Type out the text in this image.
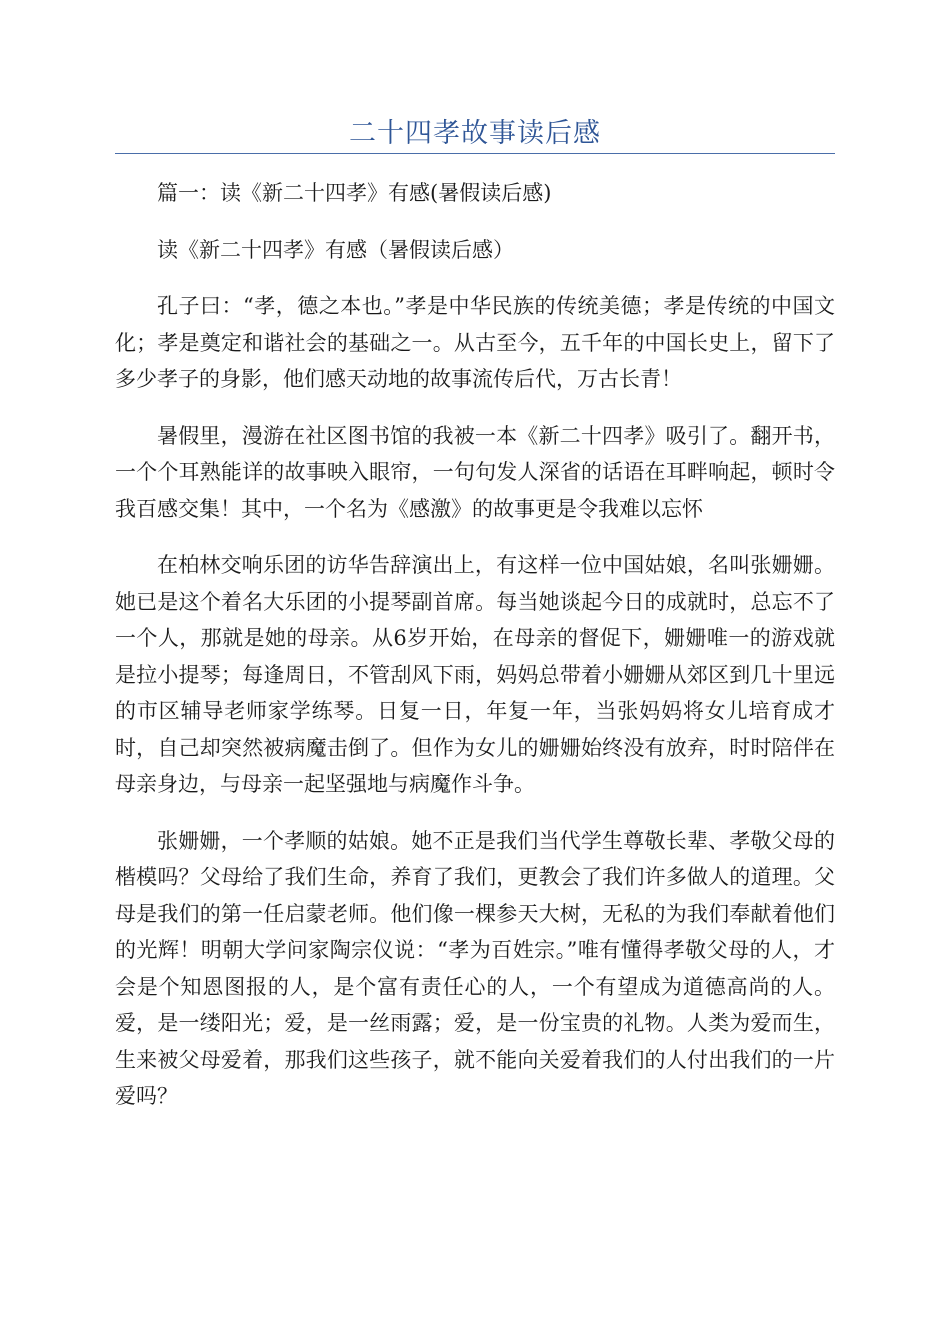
二十四孝故事读后感

篇一：读《新二十四孝》有感(暑假读后感)

读《新二十四孝》有感（暑假读后感）

孔子曰：“孝，德之本也。”孝是中华民族的传统美德；孝是传统的中国文化；孝是奠定和谐社会的基础之一。从古至今，五千年的中国长史上，留下了多少孝子的身影，他们感天动地的故事流传后代，万古长青！

暑假里，漫游在社区图书馆的我被一本《新二十四孝》吸引了。翻开书，一个个耳熟能详的故事映入眼帘，一句句发人深省的话语在耳畔响起，顿时令我百感交集！其中，一个名为《感激》的故事更是令我难以忘怀

在柏林交响乐团的访华告辞演出上，有这样一位中国姑娘，名叫张姗姗。她已是这个着名大乐团的小提琴副首席。每当她谈起今日的成就时，总忘不了一个人，那就是她的母亲。从6岁开始，在母亲的督促下，姗姗唯一的游戏就是拉小提琴；每逢周日，不管刮风下雨，妈妈总带着小姗姗从郊区到几十里远的市区辅导老师家学练琴。日复一日，年复一年，当张妈妈将女儿培育成才时，自己却突然被病魔击倒了。但作为女儿的姗姗始终没有放弃，时时陪伴在母亲身边，与母亲一起坚强地与病魔作斗争。

张姗姗，一个孝顺的姑娘。她不正是我们当代学生尊敬长辈、孝敬父母的楷模吗？父母给了我们生命，养育了我们，更教会了我们许多做人的道理。父母是我们的第一任启蒙老师。他们像一棵参天大树，无私的为我们奉献着他们的光辉！明朝大学问家陶宗仪说：“孝为百姓宗。”唯有懂得孝敬父母的人，才会是个知恩图报的人，是个富有责任心的人，一个有望成为道德高尚的人。爱，是一缕阳光；爱，是一丝雨露；爱，是一份宝贵的礼物。人类为爱而生，生来被父母爱着，那我们这些孩子，就不能向关爱着我们的人付出我们的一片爱吗？
